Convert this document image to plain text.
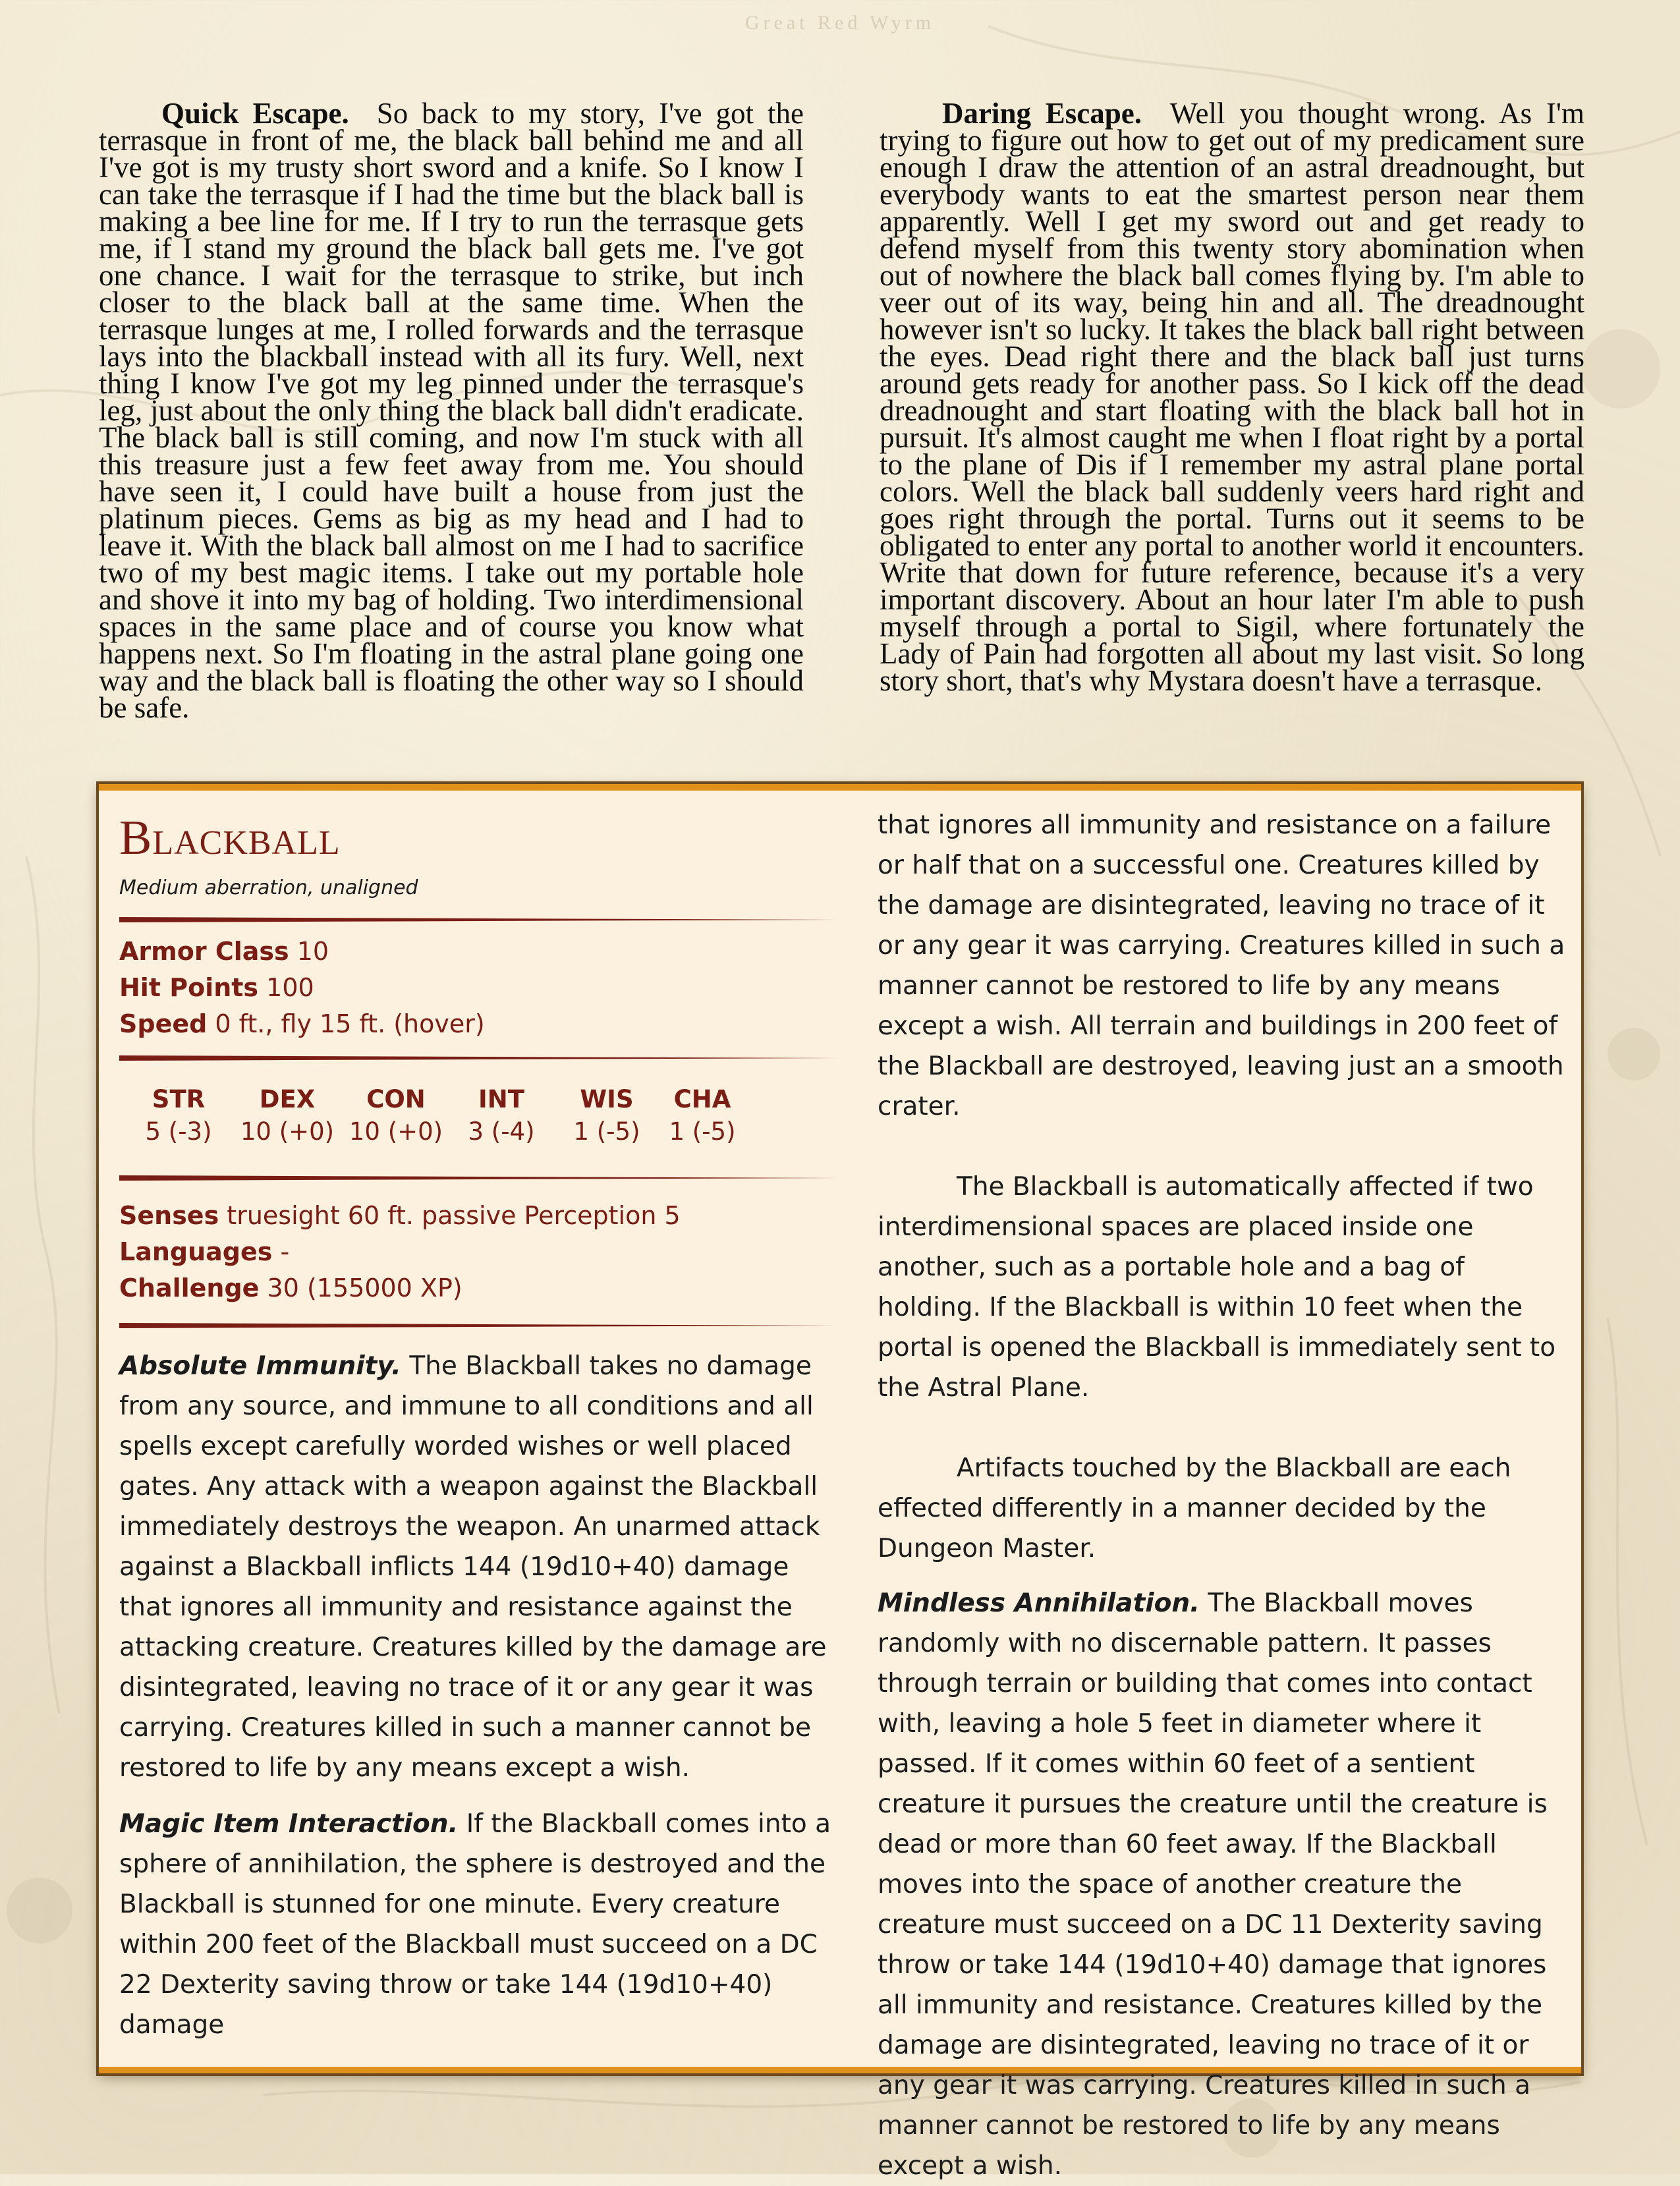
Great Red Wyrm

Quick Escape. So back to my story, I've got the terrasque in front of me, the black ball behind me and all I've got is my trusty short sword and a knife. So I know I can take the terrasque if I had the time but the black ball is making a bee line for me. If I try to run the terrasque gets me, if I stand my ground the black ball gets me. I've got one chance. I wait for the terrasque to strike, but inch closer to the black ball at the same time. When the terrasque lunges at me, I rolled forwards and the terrasque lays into the blackball instead with all its fury. Well, next thing I know I've got my leg pinned under the terrasque's leg, just about the only thing the black ball didn't eradicate. The black ball is still coming, and now I'm stuck with all this treasure just a few feet away from me. You should have seen it, I could have built a house from just the platinum pieces. Gems as big as my head and I had to leave it. With the black ball almost on me I had to sacrifice two of my best magic items. I take out my portable hole and shove it into my bag of holding. Two interdimensional spaces in the same place and of course you know what happens next. So I'm floating in the astral plane going one way and the black ball is floating the other way so I should be safe.

Daring Escape. Well you thought wrong. As I'm trying to figure out how to get out of my predicament sure enough I draw the attention of an astral dreadnought, but everybody wants to eat the smartest person near them apparently. Well I get my sword out and get ready to defend myself from this twenty story abomination when out of nowhere the black ball comes flying by. I'm able to veer out of its way, being hin and all. The dreadnought however isn't so lucky. It takes the black ball right between the eyes. Dead right there and the black ball just turns around gets ready for another pass. So I kick off the dead dreadnought and start floating with the black ball hot in pursuit. It's almost caught me when I float right by a portal to the plane of Dis if I remember my astral plane portal colors. Well the black ball suddenly veers hard right and goes right through the portal. Turns out it seems to be obligated to enter any portal to another world it encounters. Write that down for future reference, because it's a very important discovery. About an hour later I'm able to push myself through a portal to Sigil, where fortunately the Lady of Pain had forgotten all about my last visit. So long story short, that's why Mystara doesn't have a terrasque.

Blackball
Medium aberration, unaligned
Armor Class 10
Hit Points 100
Speed 0 ft., fly 15 ft. (hover)
STR
5 (-3)
DEX
10 (+0)
CON
10 (+0)
INT
3 (-4)
WIS
1 (-5)
CHA
1 (-5)
Senses truesight 60 ft. passive Perception 5
Languages -
Challenge 30 (155000 XP)

Absolute Immunity. The Blackball takes no damage from any source, and immune to all conditions and all spells except carefully worded wishes or well placed gates. Any attack with a weapon against the Blackball immediately destroys the weapon. An unarmed attack against a Blackball inflicts 144 (19d10+40) damage that ignores all immunity and resistance against the attacking creature. Creatures killed by the damage are disintegrated, leaving no trace of it or any gear it was carrying. Creatures killed in such a manner cannot be restored to life by any means except a wish.

Magic Item Interaction. If the Blackball comes into a sphere of annihilation, the sphere is destroyed and the Blackball is stunned for one minute. Every creature within 200 feet of the Blackball must succeed on a DC 22 Dexterity saving throw or take 144 (19d10+40) damage

that ignores all immunity and resistance on a failure or half that on a successful one. Creatures killed by the damage are disintegrated, leaving no trace of it or any gear it was carrying. Creatures killed in such a manner cannot be restored to life by any means except a wish. All terrain and buildings in 200 feet of the Blackball are destroyed, leaving just an a smooth crater.

The Blackball is automatically affected if two interdimensional spaces are placed inside one another, such as a portable hole and a bag of holding. If the Blackball is within 10 feet when the portal is opened the Blackball is immediately sent to the Astral Plane.

Artifacts touched by the Blackball are each effected differently in a manner decided by the Dungeon Master.

Mindless Annihilation. The Blackball moves randomly with no discernable pattern. It passes through terrain or building that comes into contact with, leaving a hole 5 feet in diameter where it passed. If it comes within 60 feet of a sentient creature it pursues the creature until the creature is dead or more than 60 feet away. If the Blackball moves into the space of another creature the creature must succeed on a DC 11 Dexterity saving throw or take 144 (19d10+40) damage that ignores all immunity and resistance. Creatures killed by the damage are disintegrated, leaving no trace of it or any gear it was carrying. Creatures killed in such a manner cannot be restored to life by any means except a wish.
